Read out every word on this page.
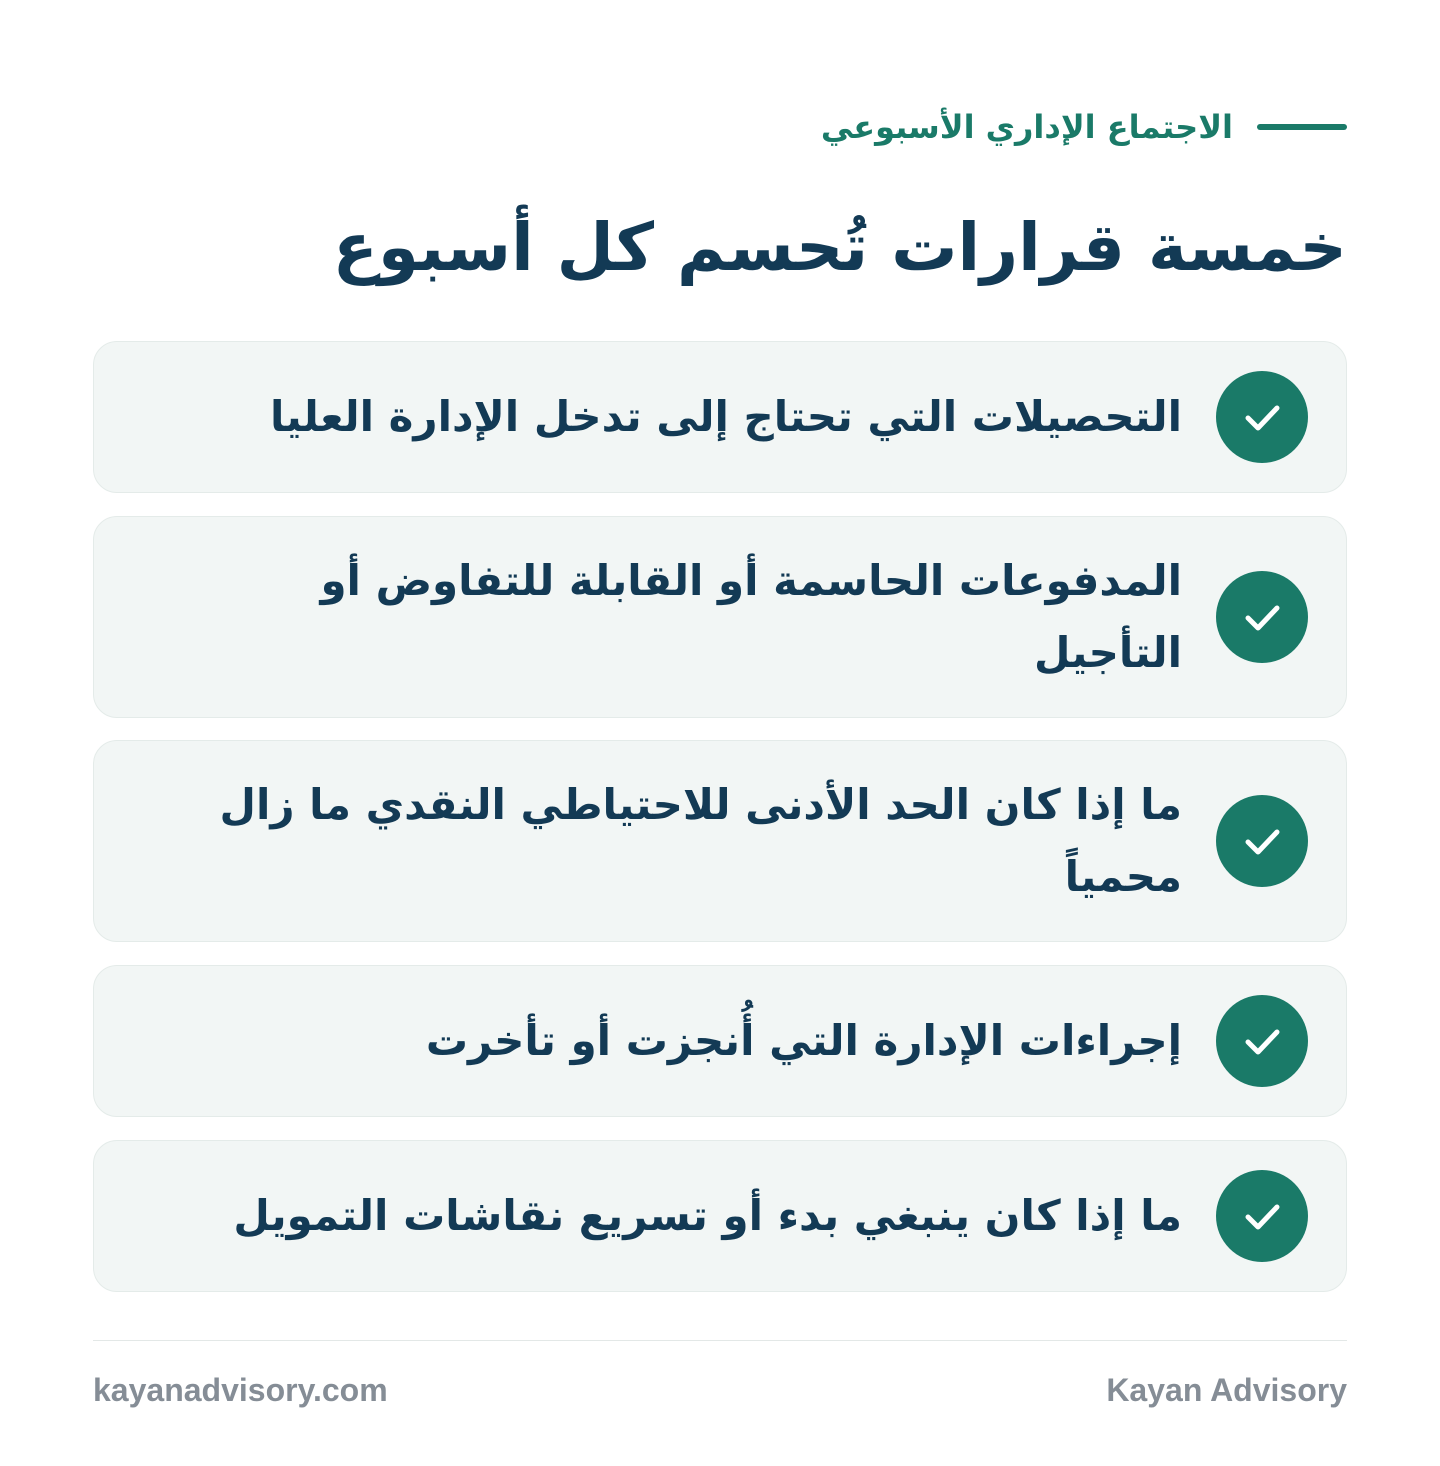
الاجتماع الإداري الأسبوعي
خمسة قرارات تُحسم كل أسبوع
التحصيلات التي تحتاج إلى تدخل الإدارة العليا
المدفوعات الحاسمة أو القابلة للتفاوض أو التأجيل
ما إذا كان الحد الأدنى للاحتياطي النقدي ما زال محمياً
إجراءات الإدارة التي أُنجزت أو تأخرت
ما إذا كان ينبغي بدء أو تسريع نقاشات التمويل
kayanadvisory.com	Kayan Advisory
